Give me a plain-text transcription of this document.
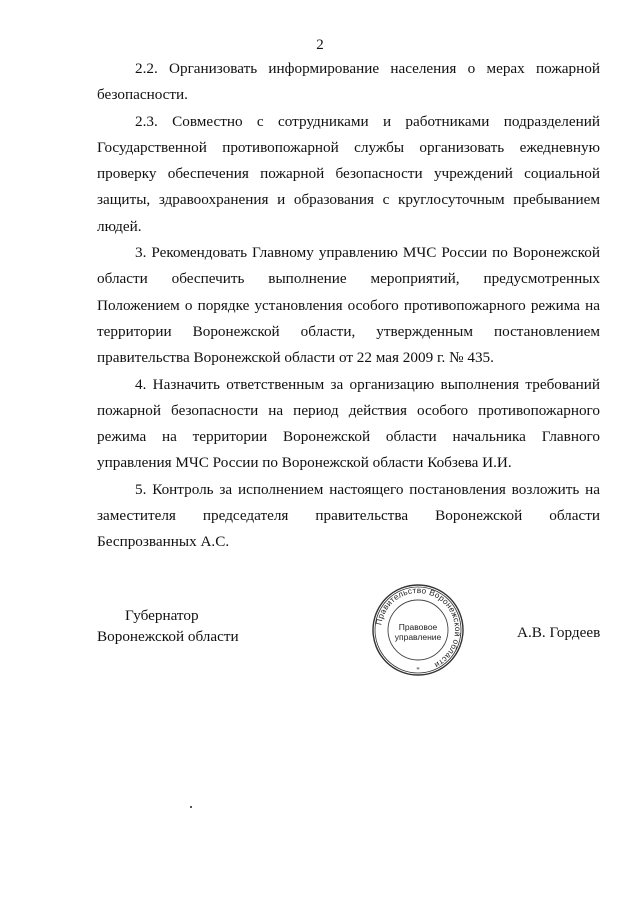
2

2.2. Организовать информирование населения о мерах пожарной безопасности.

2.3. Совместно с сотрудниками и работниками подразделений Государственной противопожарной службы организовать ежедневную проверку обеспечения пожарной безопасности учреждений социальной защиты, здравоохранения и образования с круглосуточным пребыванием людей.

3. Рекомендовать Главному управлению МЧС России по Воронежской области обеспечить выполнение мероприятий, предусмотренных Положением о порядке установления особого противопожарного режима на территории Воронежской области, утвержденным постановлением правительства Воронежской области от 22 мая 2009 г. № 435.

4. Назначить ответственным за организацию выполнения требований пожарной безопасности на период действия особого противопожарного режима на территории Воронежской области начальника Главного управления МЧС России по Воронежской области Кобзева И.И.

5. Контроль за исполнением настоящего постановления возложить на заместителя председателя правительства Воронежской области Беспрозванных А.С.

Губернатор
Воронежской области
Правительство Воронежской области
*
Правовое
управление	А.В. Гордеев
